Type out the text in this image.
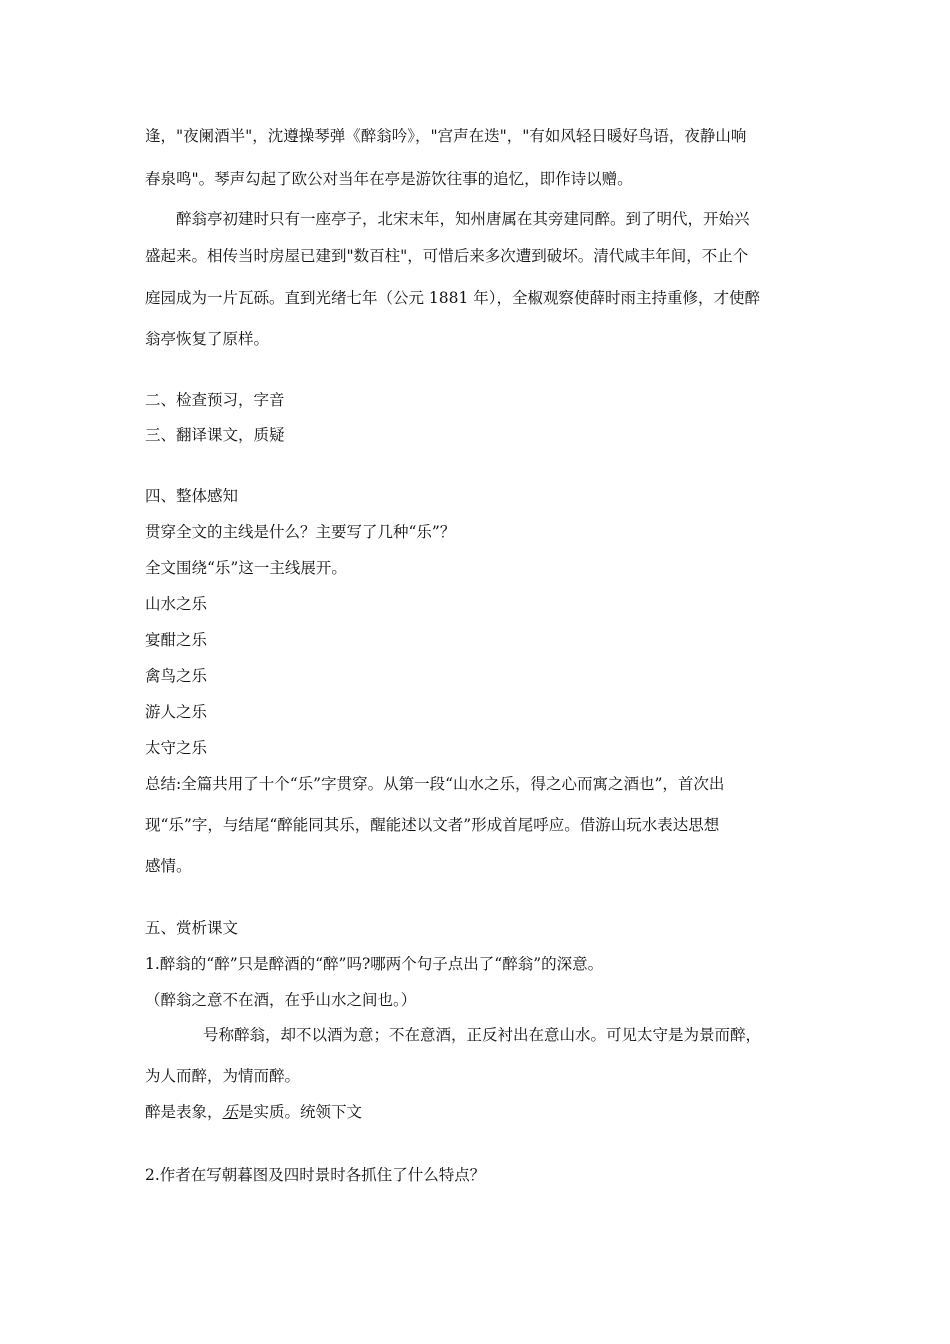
逢，"夜阑酒半"，沈遵操琴弹《醉翁吟》，"宫声在迭"，"有如风轻日暖好鸟语，夜静山响
春泉鸣"。琴声勾起了欧公对当年在亭是游饮往事的追忆，即作诗以赠。
醉翁亭初建时只有一座亭子，北宋末年，知州唐属在其旁建同醉。到了明代，开始兴
盛起来。相传当时房屋已建到"数百柱"，可惜后来多次遭到破坏。清代咸丰年间，不止个
庭园成为一片瓦砾。直到光绪七年（公元 1881 年），全椒观察使薛时雨主持重修，才使醉
翁亭恢复了原样。
二、检查预习，字音
三、翻译课文，质疑
四、整体感知
贯穿全文的主线是什么？主要写了几种“乐”？
全文围绕“乐”这一主线展开。
山水之乐
宴酣之乐
禽鸟之乐
游人之乐
太守之乐
总结:全篇共用了十个“乐”字贯穿。从第一段“山水之乐，得之心而寓之酒也”，首次出
现“乐”字，与结尾“醉能同其乐，醒能述以文者”形成首尾呼应。借游山玩水表达思想
感情。
五、赏析课文
1.醉翁的“醉”只是醉酒的“醉”吗?哪两个句子点出了“醉翁”的深意。
（醉翁之意不在酒，在乎山水之间也。）
号称醉翁，却不以酒为意；不在意酒，正反衬出在意山水。可见太守是为景而醉，
为人而醉，为情而醉。
醉是表象，乐是实质。统领下文
2.作者在写朝暮图及四时景时各抓住了什么特点？
